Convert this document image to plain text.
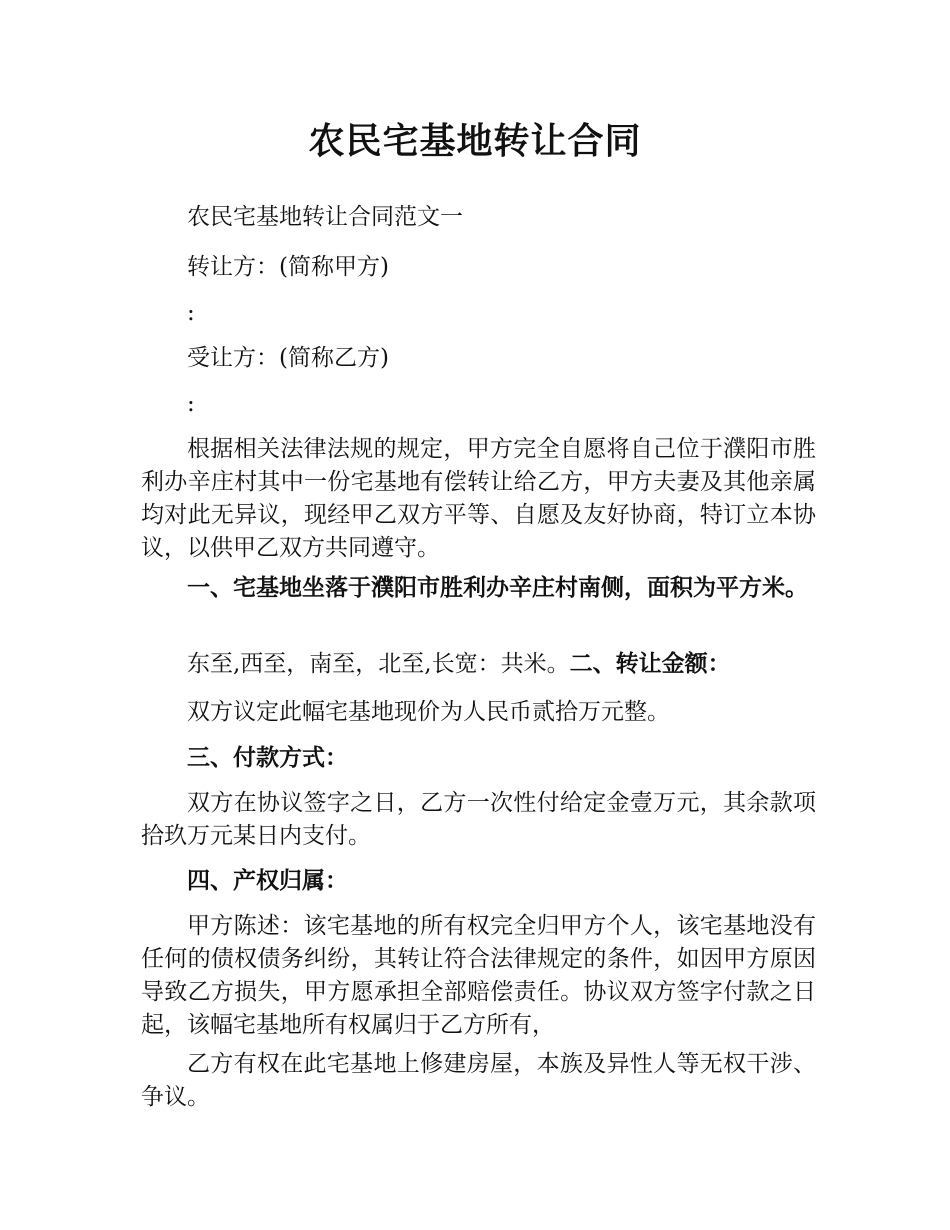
农民宅基地转让合同

农民宅基地转让合同范文一

转让方：(简称甲方)

:

受让方：(简称乙方)

:

根据相关法律法规的规定，甲方完全自愿将自己位于濮阳市胜利办辛庄村其中一份宅基地有偿转让给乙方，甲方夫妻及其他亲属均对此无异议，现经甲乙双方平等、自愿及友好协商，特订立本协议，以供甲乙双方共同遵守。

一、宅基地坐落于濮阳市胜利办辛庄村南侧，面积为平方米。

东至,西至，南至，北至,长宽：共米。二、转让金额：

双方议定此幅宅基地现价为人民币贰拾万元整。

三、付款方式：

双方在协议签字之日，乙方一次性付给定金壹万元，其余款项拾玖万元某日内支付。

四、产权归属：

甲方陈述：该宅基地的所有权完全归甲方个人，该宅基地没有任何的债权债务纠纷，其转让符合法律规定的条件，如因甲方原因导致乙方损失，甲方愿承担全部赔偿责任。协议双方签字付款之日起，该幅宅基地所有权属归于乙方所有，

乙方有权在此宅基地上修建房屋，本族及异性人等无权干涉、争议。
